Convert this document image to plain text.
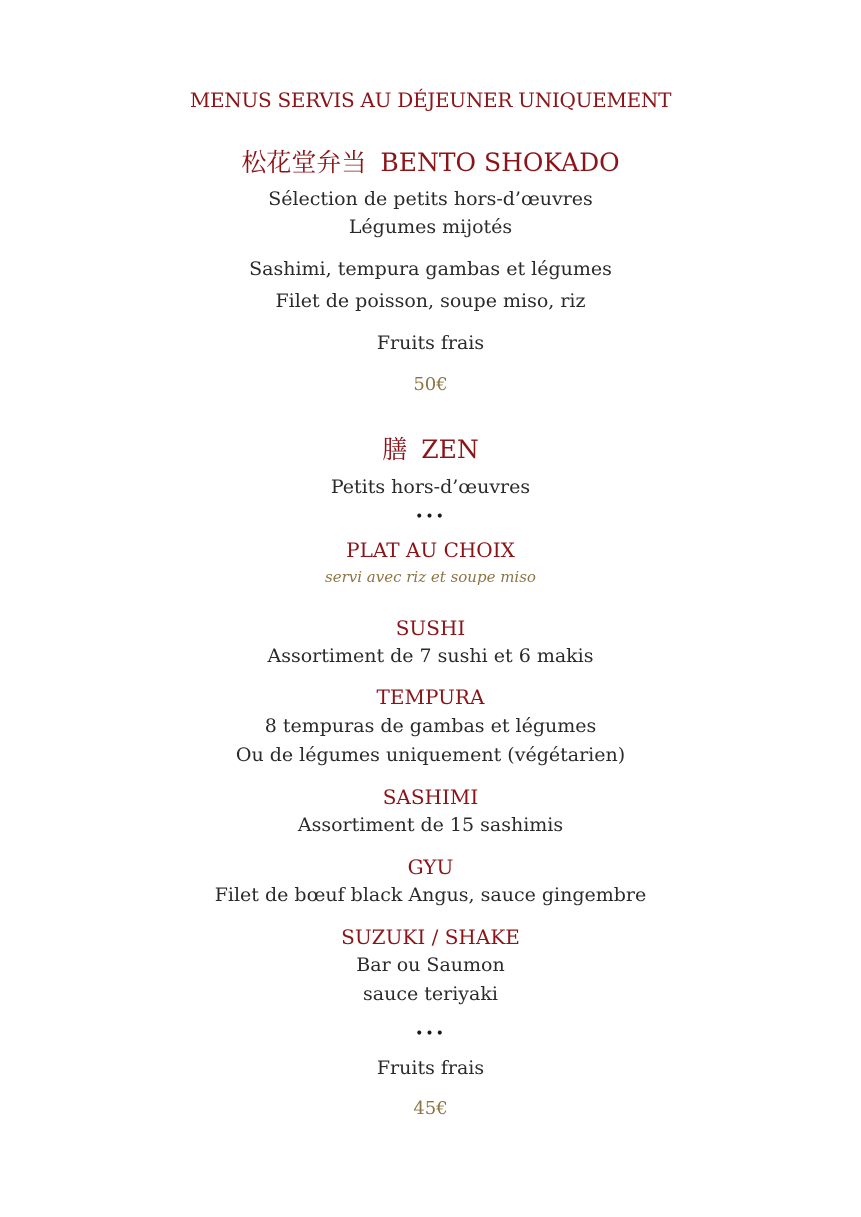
MENUS SERVIS AU DÉJEUNER UNIQUEMENT
松花堂弁当 BENTO SHOKADO
Sélection de petits hors-d’œuvres
Légumes mijotés
Sashimi, tempura gambas et légumes
Filet de poisson, soupe miso, riz
Fruits frais
50€
膳 ZEN
Petits hors-d’œuvres
•••
PLAT AU CHOIX
servi avec riz et soupe miso
SUSHI
Assortiment de 7 sushi et 6 makis
TEMPURA
8 tempuras de gambas et légumes
Ou de légumes uniquement (végétarien)
SASHIMI
Assortiment de 15 sashimis
GYU
Filet de bœuf black Angus, sauce gingembre
SUZUKI / SHAKE
Bar ou Saumon
sauce teriyaki
•••
Fruits frais
45€
